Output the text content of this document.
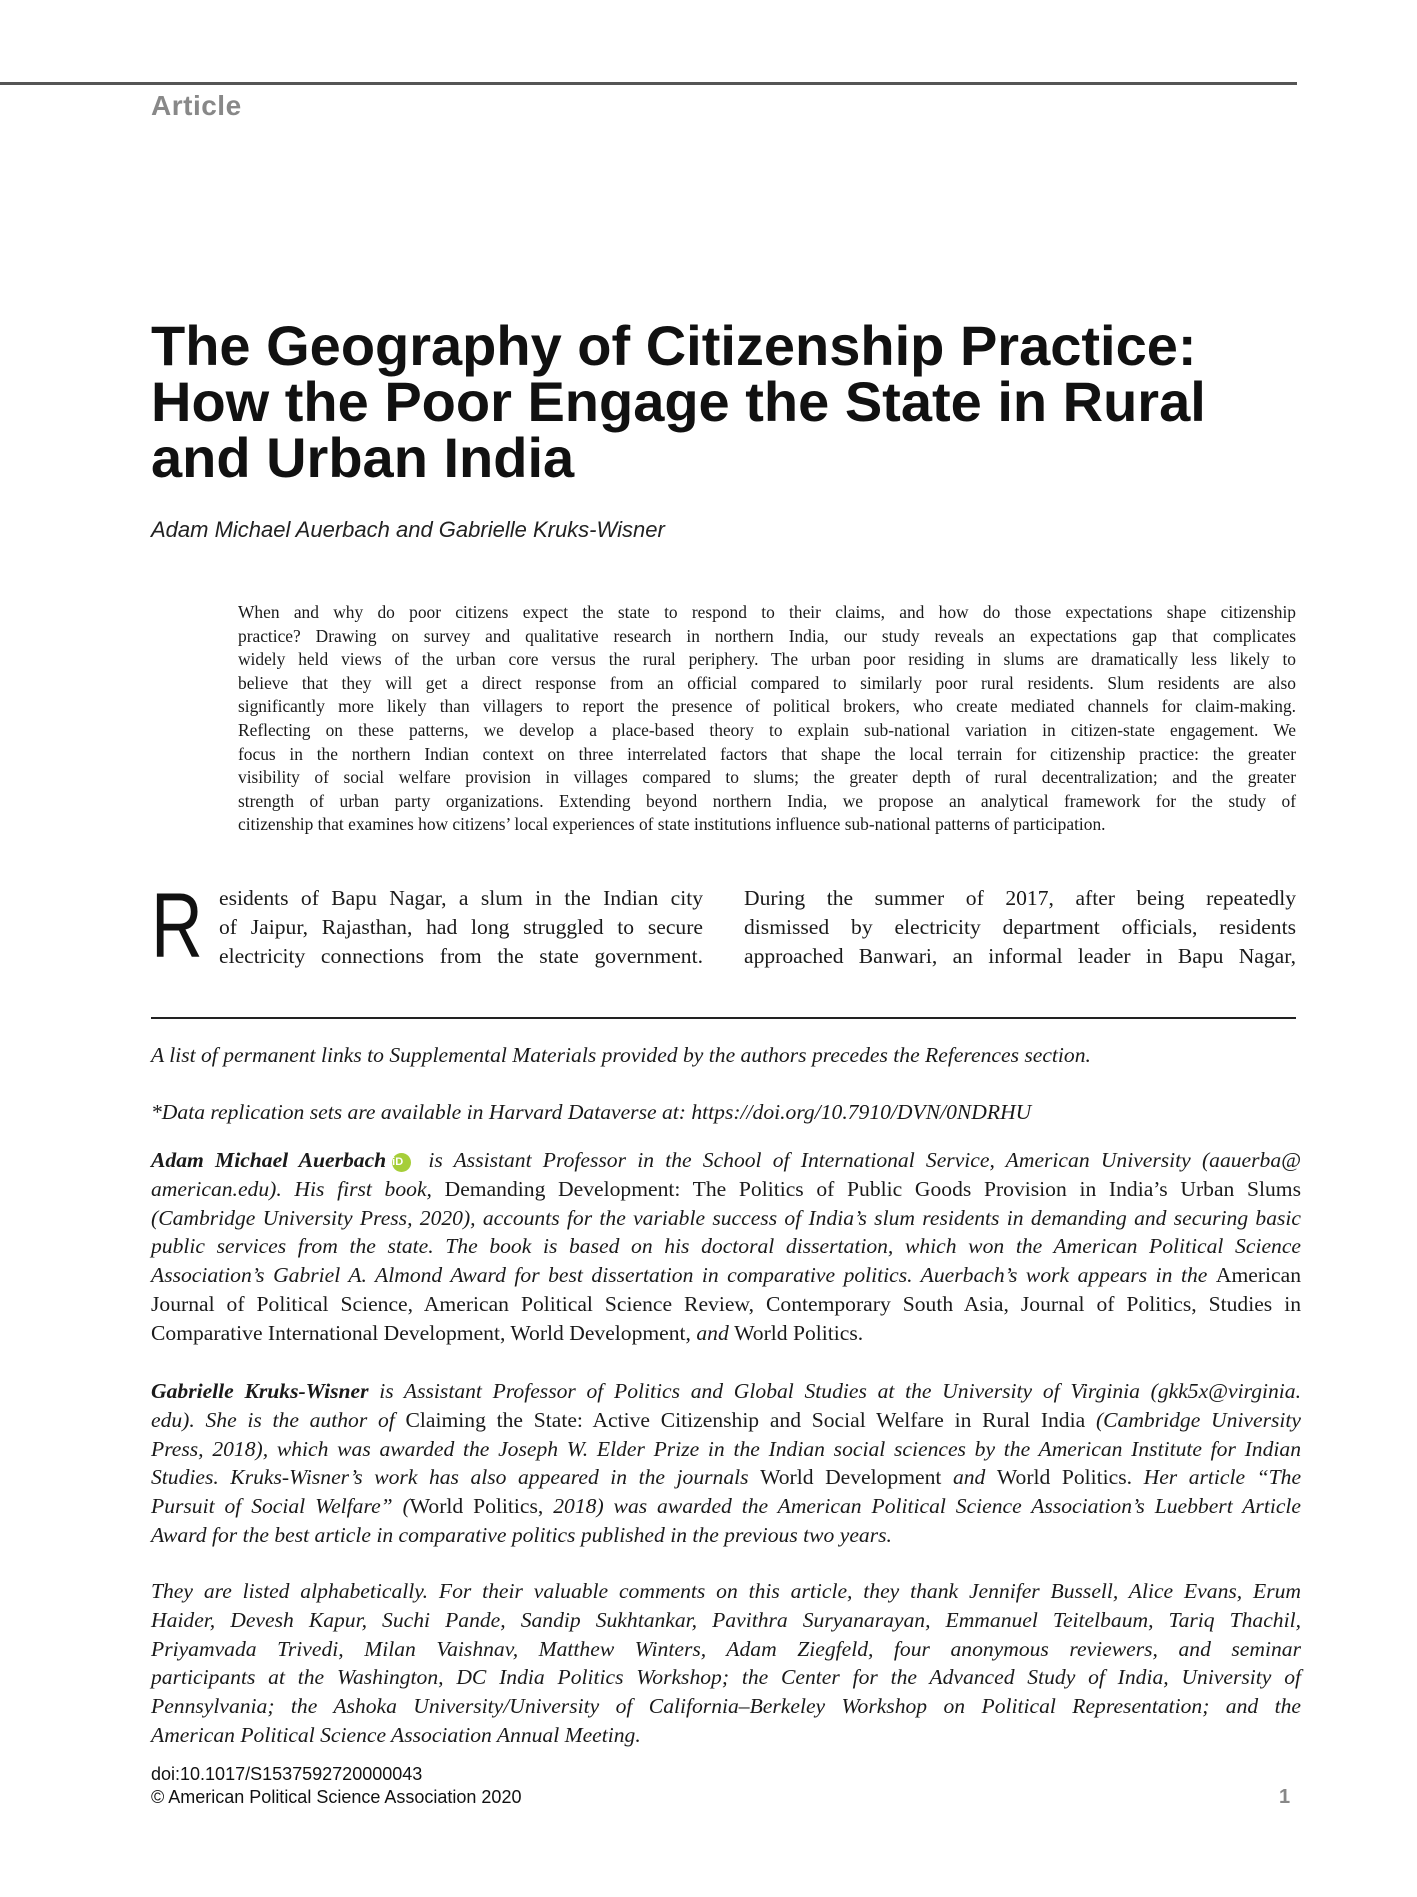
Article
The Geography of Citizenship Practice:
How the Poor Engage the State in Rural
and Urban India
Adam Michael Auerbach and Gabrielle Kruks-Wisner

When and why do poor citizens expect the state to respond to their claims, and how do those expectations shape citizenship
practice? Drawing on survey and qualitative research in northern India, our study reveals an expectations gap that complicates
widely held views of the urban core versus the rural periphery. The urban poor residing in slums are dramatically less likely to
believe that they will get a direct response from an official compared to similarly poor rural residents. Slum residents are also
significantly more likely than villagers to report the presence of political brokers, who create mediated channels for claim-making.
Reflecting on these patterns, we develop a place-based theory to explain sub-national variation in citizen-state engagement. We
focus in the northern Indian context on three interrelated factors that shape the local terrain for citizenship practice: the greater
visibility of social welfare provision in villages compared to slums; the greater depth of rural decentralization; and the greater
strength of urban party organizations. Extending beyond northern India, we propose an analytical framework for the study of
citizenship that examines how citizens’ local experiences of state institutions influence sub-national patterns of participation.

R esidents of Bapu Nagar, a slum in the Indian city
of Jaipur, Rajasthan, had long struggled to secure
electricity connections from the state government.
During the summer of 2017, after being repeatedly
dismissed by electricity department officials, residents
approached Banwari, an informal leader in Bapu Nagar,
A list of permanent links to Supplemental Materials provided by the authors precedes the References section.
*Data replication sets are available in Harvard Dataverse at: https://doi.org/10.7910/DVN/0NDRHU
Adam Michael Auerbach iD is Assistant Professor in the School of International Service, American University (aauerba@
american.edu). His first book, Demanding Development: The Politics of Public Goods Provision in India’s Urban Slums
(Cambridge University Press, 2020), accounts for the variable success of India’s slum residents in demanding and securing basic
public services from the state. The book is based on his doctoral dissertation, which won the American Political Science
Association’s Gabriel A. Almond Award for best dissertation in comparative politics. Auerbach’s work appears in the American
Journal of Political Science, American Political Science Review, Contemporary South Asia, Journal of Politics, Studies in
Comparative International Development, World Development, and World Politics.
Gabrielle Kruks-Wisner is Assistant Professor of Politics and Global Studies at the University of Virginia (gkk5x@virginia.
edu). She is the author of Claiming the State: Active Citizenship and Social Welfare in Rural India (Cambridge University
Press, 2018), which was awarded the Joseph W. Elder Prize in the Indian social sciences by the American Institute for Indian
Studies. Kruks-Wisner’s work has also appeared in the journals World Development and World Politics. Her article “The
Pursuit of Social Welfare” (World Politics, 2018) was awarded the American Political Science Association’s Luebbert Article
Award for the best article in comparative politics published in the previous two years.
They are listed alphabetically. For their valuable comments on this article, they thank Jennifer Bussell, Alice Evans, Erum
Haider, Devesh Kapur, Suchi Pande, Sandip Sukhtankar, Pavithra Suryanarayan, Emmanuel Teitelbaum, Tariq Thachil,
Priyamvada Trivedi, Milan Vaishnav, Matthew Winters, Adam Ziegfeld, four anonymous reviewers, and seminar
participants at the Washington, DC India Politics Workshop; the Center for the Advanced Study of India, University of
Pennsylvania; the Ashoka University/University of California–Berkeley Workshop on Political Representation; and the
American Political Science Association Annual Meeting.
doi:10.1017/S1537592720000043
© American Political Science Association 2020	1
